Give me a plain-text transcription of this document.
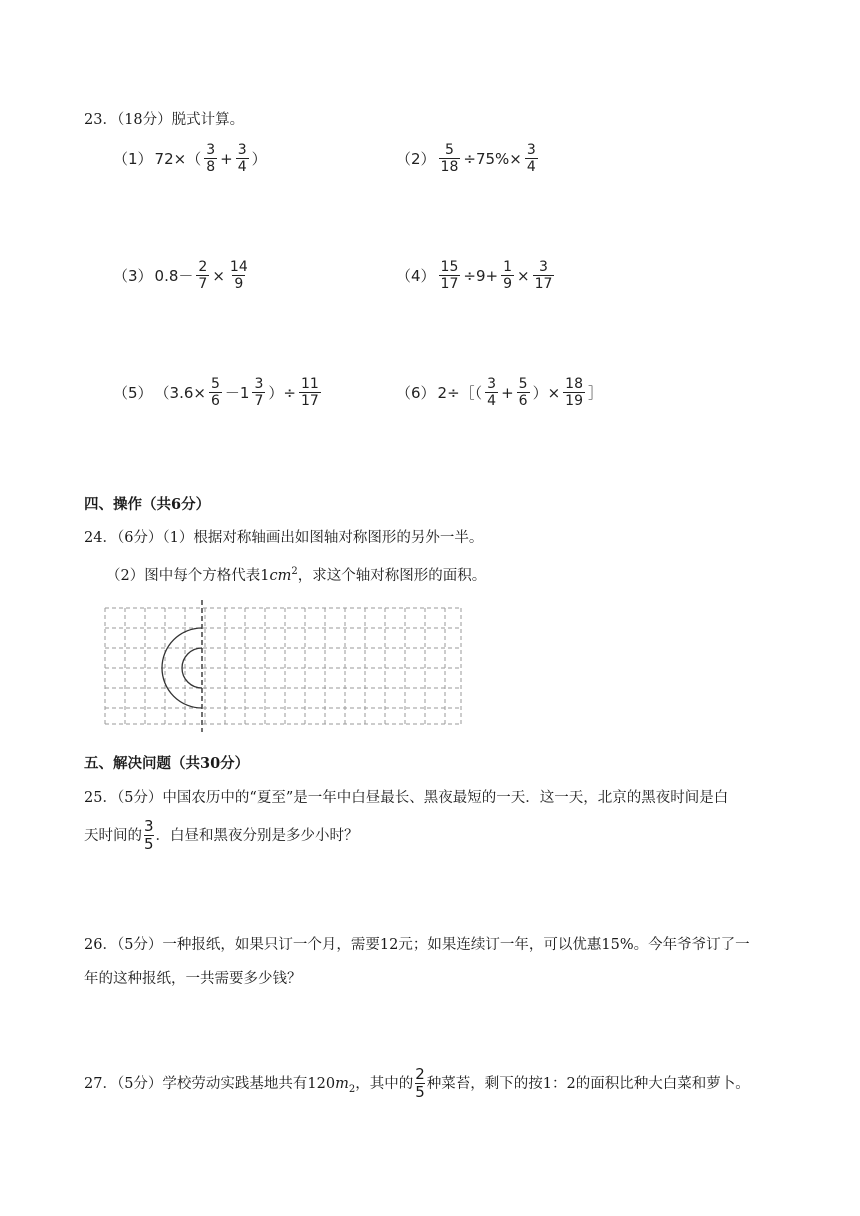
23．（18分）脱式计算。
（1） $72\times( \frac{3}{8} + \frac{3}{4}$ ）	$(2) \frac{5}{18} \div 75\%\times \frac{3}{4}$
（3） $0.8- \frac{2}{7} \times \frac{14}{9}$	$(4) \frac{15}{17} \div 9+ \frac{1}{9} \times \frac{3}{17}$
（5） （$3.6\times \frac{5}{6} -1 \frac{3}{7}$ ）÷ $\frac{11}{17}$	（6） 2÷［（ $\frac{3}{4} + \frac{5}{6}$ ）× $\frac{18}{19}$ ］
四、操作（共6分）
24．（6分）（1）根据对称轴画出如图轴对称图形的另外一半。
（2）图中每个方格代表$1cm^2$，求这个轴对称图形的面积。
五、解决问题（共30分）
25．（5分）中国农历中的“夏至”是一年中白昼最长、黑夜最短的一天．这一天，北京的黑夜时间是白
天时间的
3
5 ．白昼和黑夜分别是多少小时？
26．（5分）一种报纸，如果只订一个月，需要12元；如果连续订一年，可以优惠15%。今年爷爷订了一
年的这种报纸，一共需要多少钱？
27．（5分）学校劳动实践基地共有120 $m_2$ ，其中的
2
5 种菜苔，剩下的按1：2的面积比种大白菜和萝卜。
